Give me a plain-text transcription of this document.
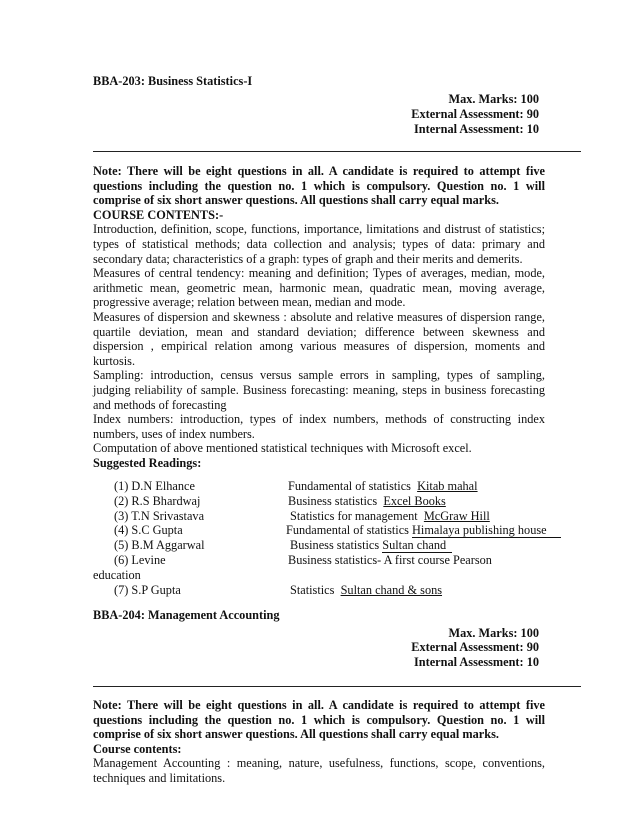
BBA-203: Business Statistics-I
Max. Marks: 100
External Assessment: 90
Internal Assessment: 10

Note: There will be eight questions in all. A candidate is required to attempt five questions including the question no. 1 which is compulsory. Question no. 1 will comprise of six short answer questions. All questions shall carry equal marks.

COURSE CONTENTS:-

Introduction, definition, scope, functions, importance, limitations and distrust of statistics; types of statistical methods; data collection and analysis; types of data: primary and secondary data; characteristics of a graph: types of graph and their merits and demerits.

Measures of central tendency: meaning and definition; Types of averages, median, mode, arithmetic mean, geometric mean, harmonic mean, quadratic mean, moving average, progressive average; relation between mean, median and mode.

Measures of dispersion and skewness : absolute and relative measures of dispersion range, quartile deviation, mean and standard deviation; difference between skewness and dispersion , empirical relation among various measures of dispersion, moments and kurtosis.

Sampling: introduction, census versus sample errors in sampling, types of sampling, judging reliability of sample. Business forecasting: meaning, steps in business forecasting and methods of forecasting

Index numbers: introduction, types of index numbers, methods of constructing index numbers, uses of index numbers.

Computation of above mentioned statistical techniques with Microsoft excel.

Suggested Readings:

(1) D.N Elhance	Fundamental of statistics Kitab mahal
(2) R.S Bhardwaj	Business statistics Excel Books
(3) T.N Srivastava	Statistics for management McGraw Hill
(4) S.C Gupta	Fundamental of statistics Himalaya publishing house
(5) B.M Aggarwal	Business statistics Sultan chand
(6) Levine	Business statistics- A first course Pearson
education
(7) S.P Gupta	Statistics Sultan chand & sons
BBA-204: Management Accounting
Max. Marks: 100
External Assessment: 90
Internal Assessment: 10

Note: There will be eight questions in all. A candidate is required to attempt five questions including the question no. 1 which is compulsory. Question no. 1 will comprise of six short answer questions. All questions shall carry equal marks.

Course contents:

Management Accounting : meaning, nature, usefulness, functions, scope, conventions, techniques and limitations.
